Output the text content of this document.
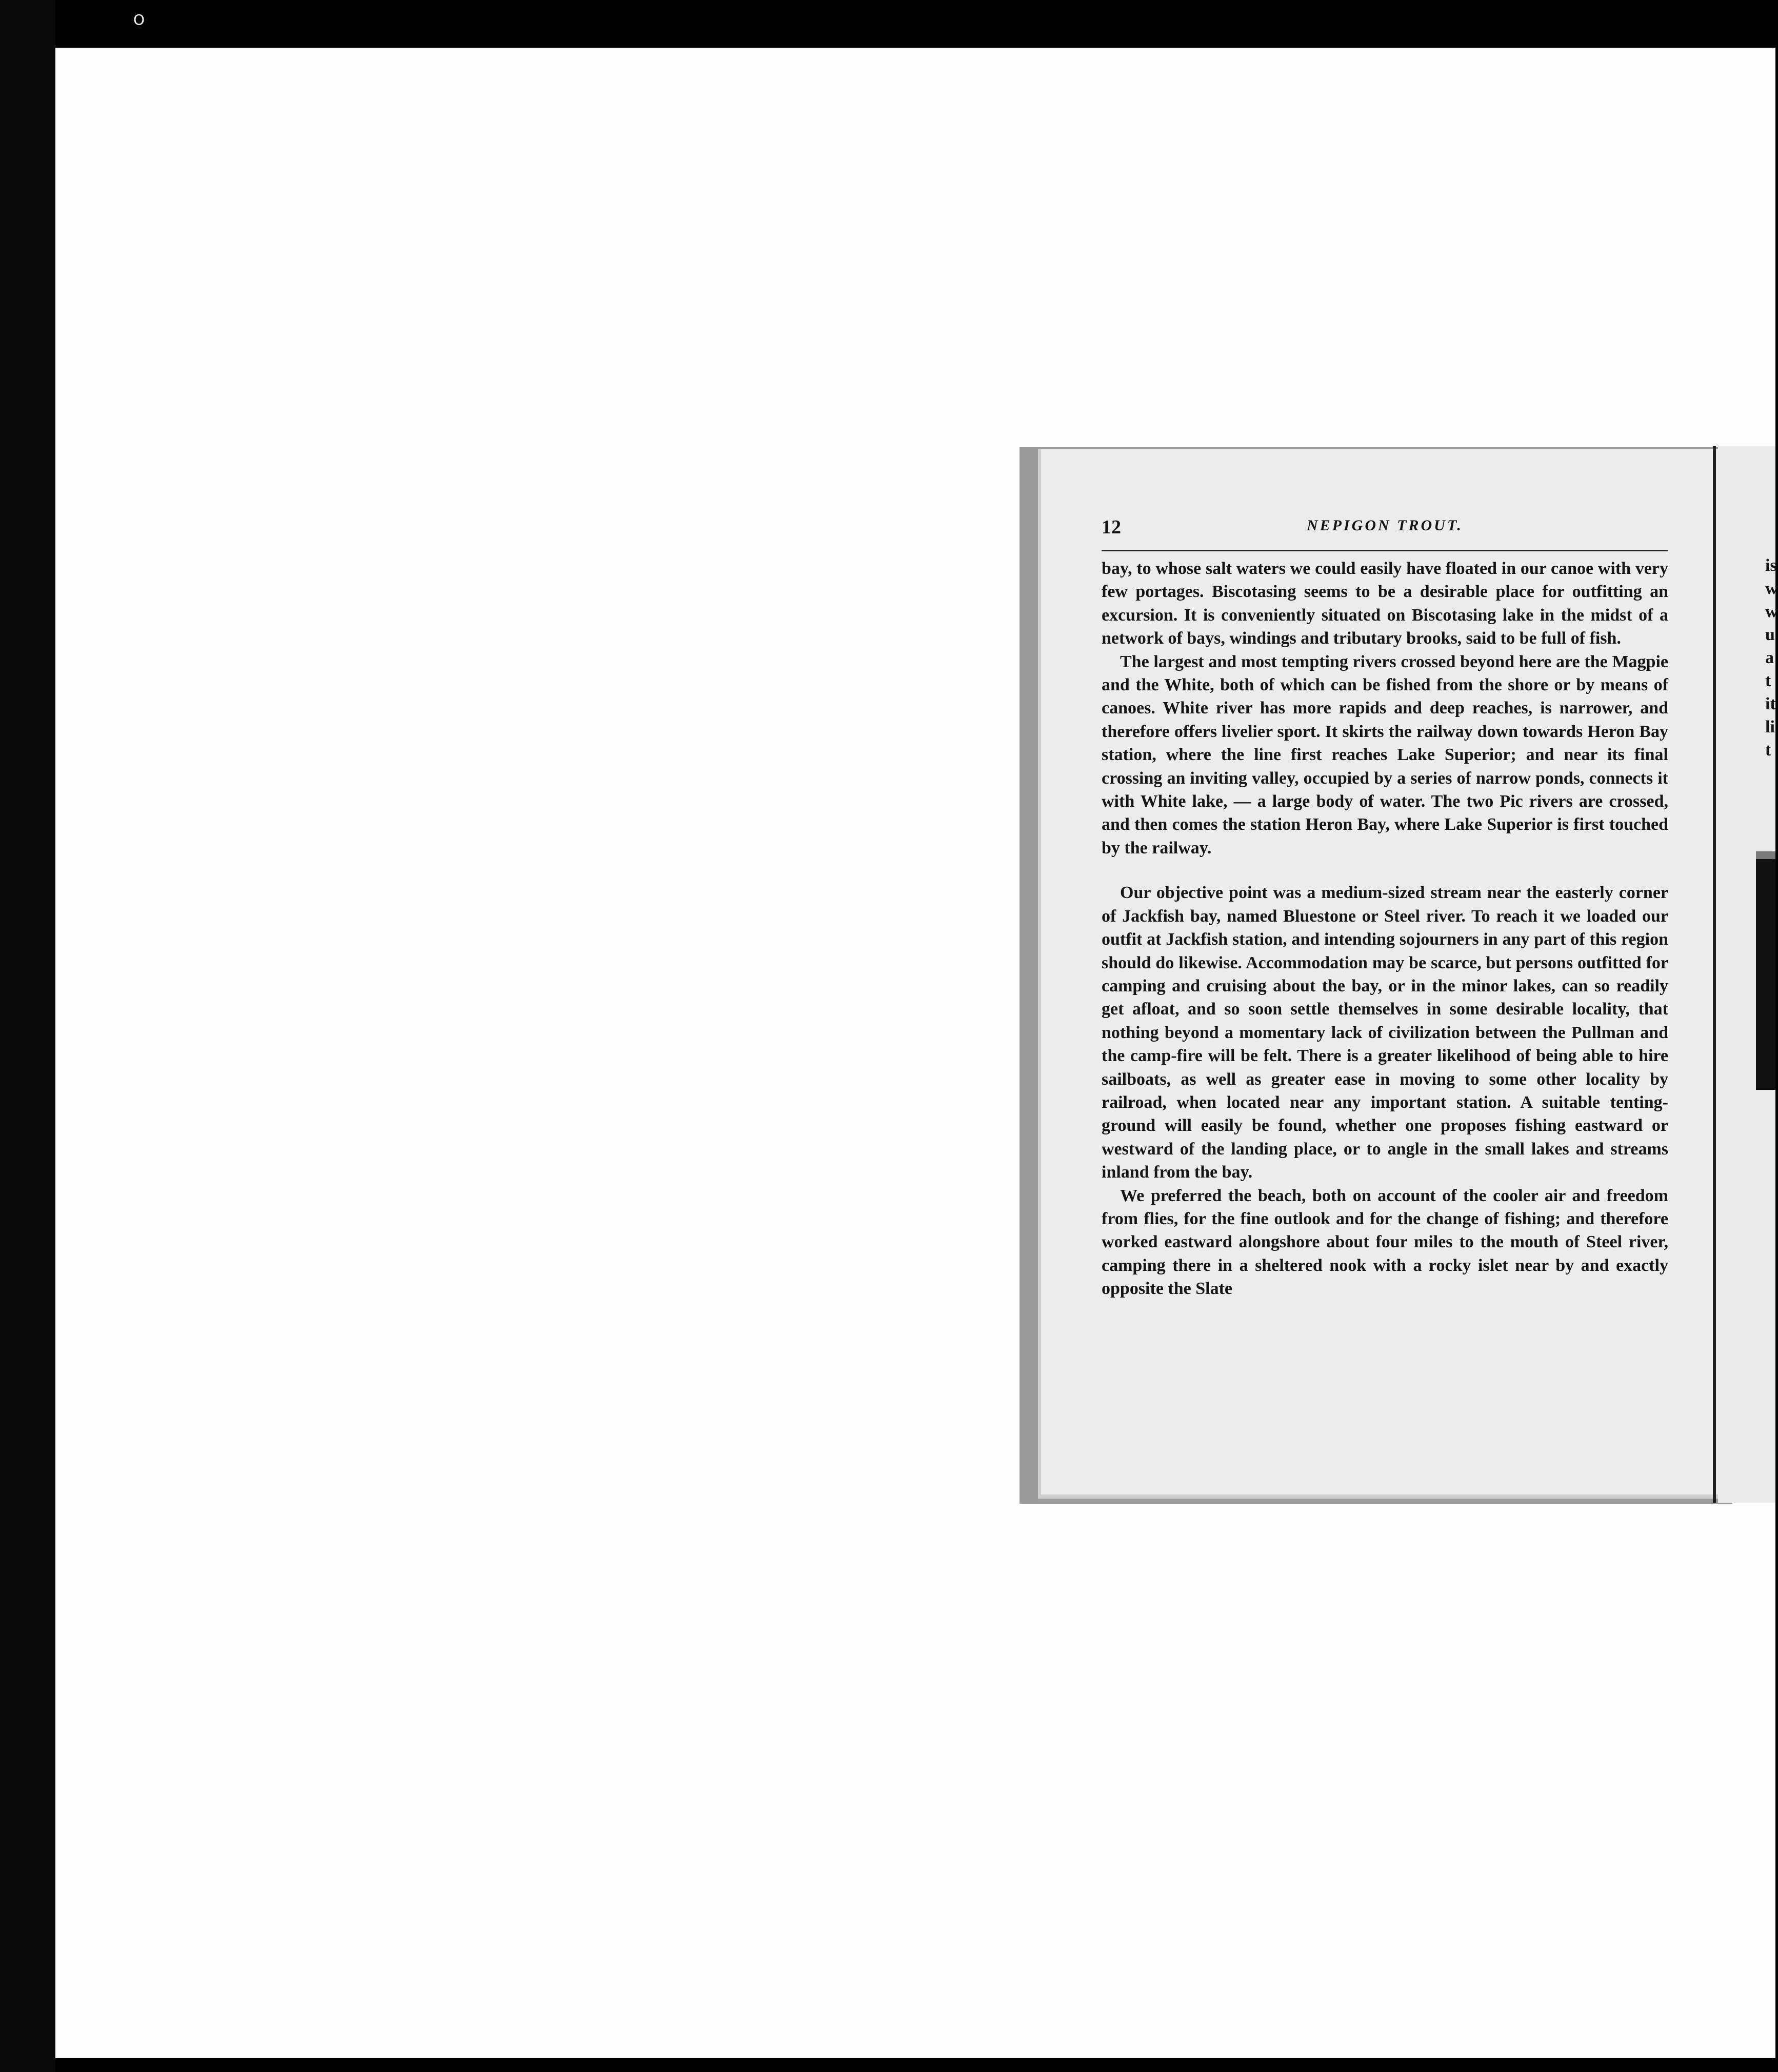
O
12	NEPIGON TROUT.

bay, to whose salt waters we could easily have floated in our canoe with very few portages. Biscotasing seems to be a desirable place for outfitting an excursion. It is conveniently situated on Biscotasing lake in the midst of a network of bays, windings and tributary brooks, said to be full of fish.

The largest and most tempting rivers crossed beyond here are the Magpie and the White, both of which can be fished from the shore or by means of canoes. White river has more rapids and deep reaches, is narrower, and therefore offers livelier sport. It skirts the railway down towards Heron Bay station, where the line first reaches Lake Superior; and near its final crossing an inviting valley, occupied by a series of narrow ponds, connects it with White lake, — a large body of water. The two Pic rivers are crossed, and then comes the station Heron Bay, where Lake Superior is first touched by the railway.

Our objective point was a medium-sized stream near the easterly corner of Jackfish bay, named Bluestone or Steel river. To reach it we loaded our outfit at Jackfish station, and intending sojourners in any part of this region should do likewise. Accommodation may be scarce, but persons outfitted for camping and cruising about the bay, or in the minor lakes, can so readily get afloat, and so soon settle themselves in some desirable locality, that nothing beyond a momentary lack of civilization between the Pullman and the camp-fire will be felt. There is a greater likelihood of being able to hire sailboats, as well as greater ease in moving to some other locality by railroad, when located near any important station. A suitable tenting-ground will easily be found, whether one proposes fishing eastward or westward of the landing place, or to angle in the small lakes and streams inland from the bay.

We preferred the beach, both on account of the cooler air and freedom from flies, for the fine outlook and for the change of fishing; and therefore worked eastward alongshore about four miles to the mouth of Steel river, camping there in a sheltered nook with a rocky islet near by and exactly opposite the Slate

is
w
w
u
a
t
it
li
t
